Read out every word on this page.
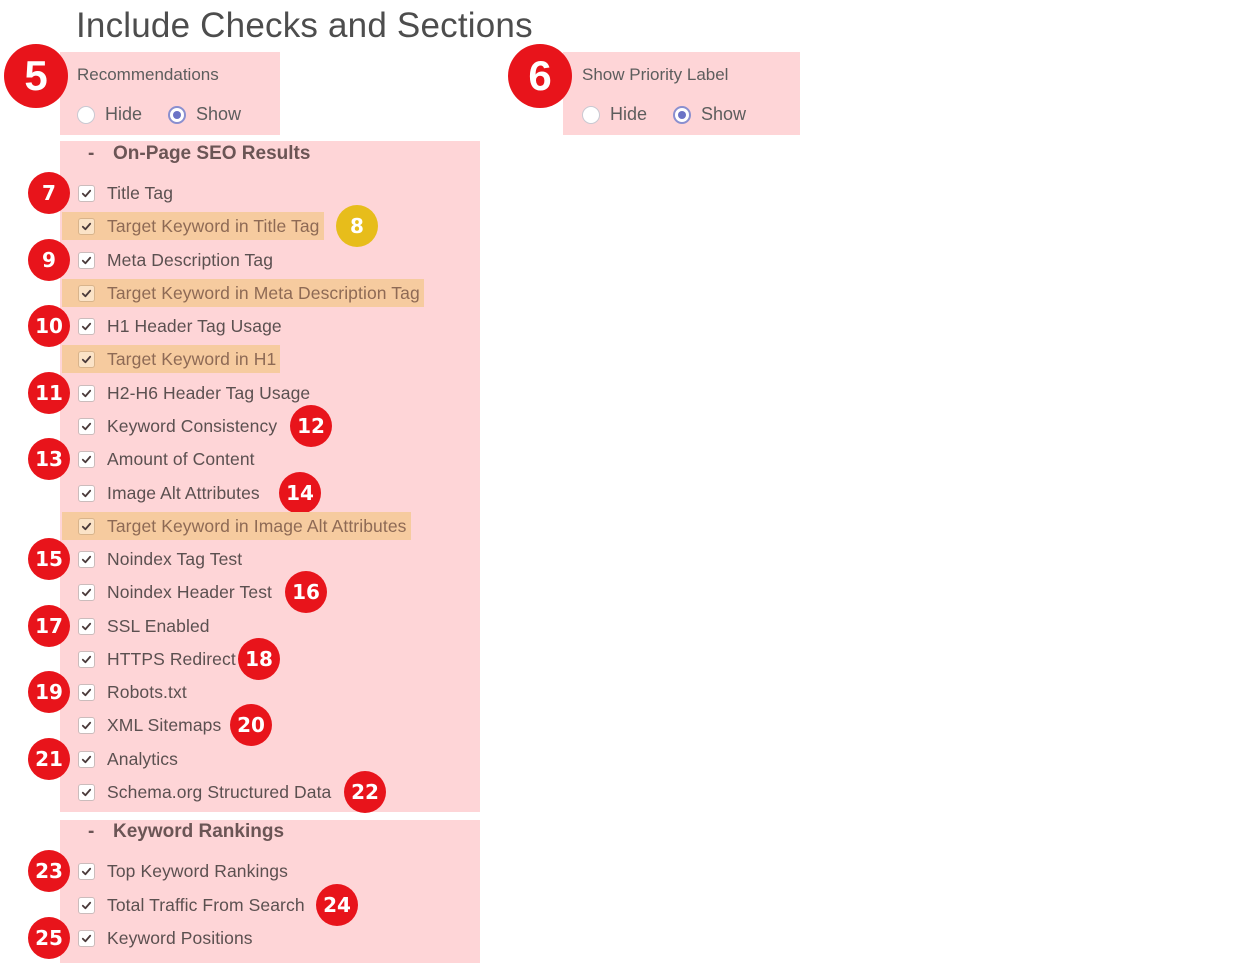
Include Checks and Sections
Recommendations
Hide	Show
5	Show Priority Label
Hide	Show
6
- On-Page SEO Results
Title Tag
7
Target Keyword in Title Tag	8
Meta Description Tag
9
Target Keyword in Meta Description Tag
H1 Header Tag Usage
10
Target Keyword in H1
H2-H6 Header Tag Usage
11
Keyword Consistency 12
Amount of Content
13
Image Alt Attributes	14
Target Keyword in Image Alt Attributes
Noindex Tag Test
15
Noindex Header Test	16
SSL Enabled
17
HTTPS Redirect 18
Robots.txt
19
XML Sitemaps 20
Analytics
21
Schema.org Structured Data 22
- Keyword Rankings
Top Keyword Rankings
23
Total Traffic From Search 24
Keyword Positions
25
